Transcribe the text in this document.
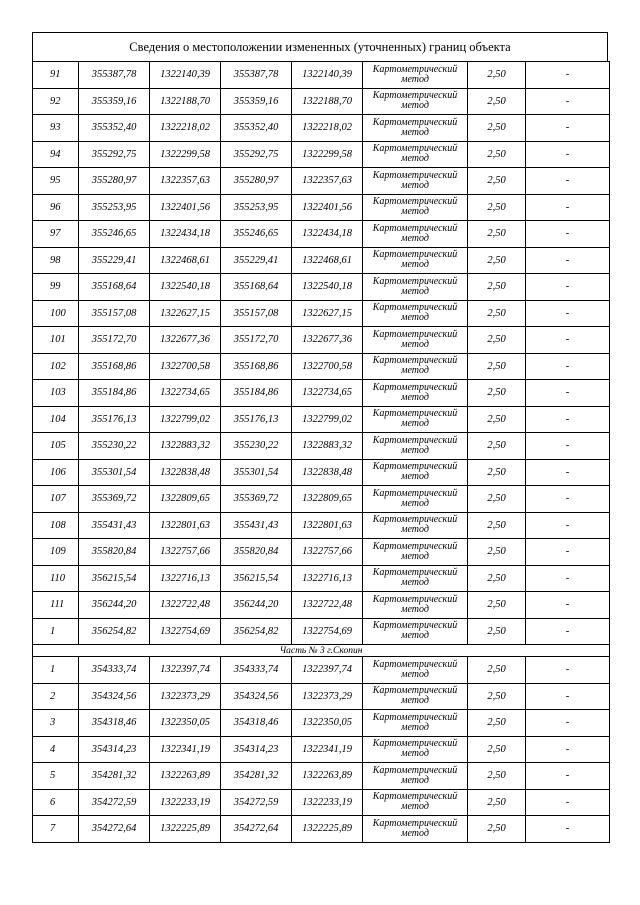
Сведения о местоположении измененных (уточненных) границ объекта
91	355387,78	1322140,39	355387,78	1322140,39	Картометрический
метод	2,50	-
92	355359,16	1322188,70	355359,16	1322188,70	Картометрический
метод	2,50	-
93	355352,40	1322218,02	355352,40	1322218,02	Картометрический
метод	2,50	-
94	355292,75	1322299,58	355292,75	1322299,58	Картометрический
метод	2,50	-
95	355280,97	1322357,63	355280,97	1322357,63	Картометрический
метод	2,50	-
96	355253,95	1322401,56	355253,95	1322401,56	Картометрический
метод	2,50	-
97	355246,65	1322434,18	355246,65	1322434,18	Картометрический
метод	2,50	-
98	355229,41	1322468,61	355229,41	1322468,61	Картометрический
метод	2,50	-
99	355168,64	1322540,18	355168,64	1322540,18	Картометрический
метод	2,50	-
100	355157,08	1322627,15	355157,08	1322627,15	Картометрический
метод	2,50	-
101	355172,70	1322677,36	355172,70	1322677,36	Картометрический
метод	2,50	-
102	355168,86	1322700,58	355168,86	1322700,58	Картометрический
метод	2,50	-
103	355184,86	1322734,65	355184,86	1322734,65	Картометрический
метод	2,50	-
104	355176,13	1322799,02	355176,13	1322799,02	Картометрический
метод	2,50	-
105	355230,22	1322883,32	355230,22	1322883,32	Картометрический
метод	2,50	-
106	355301,54	1322838,48	355301,54	1322838,48	Картометрический
метод	2,50	-
107	355369,72	1322809,65	355369,72	1322809,65	Картометрический
метод	2,50	-
108	355431,43	1322801,63	355431,43	1322801,63	Картометрический
метод	2,50	-
109	355820,84	1322757,66	355820,84	1322757,66	Картометрический
метод	2,50	-
110	356215,54	1322716,13	356215,54	1322716,13	Картометрический
метод	2,50	-
111	356244,20	1322722,48	356244,20	1322722,48	Картометрический
метод	2,50	-
1	356254,82	1322754,69	356254,82	1322754,69	Картометрический
метод	2,50	-
Часть № 3 г.Скопин							
1	354333,74	1322397,74	354333,74	1322397,74	Картометрический
метод	2,50	-
2	354324,56	1322373,29	354324,56	1322373,29	Картометрический
метод	2,50	-
3	354318,46	1322350,05	354318,46	1322350,05	Картометрический
метод	2,50	-
4	354314,23	1322341,19	354314,23	1322341,19	Картометрический
метод	2,50	-
5	354281,32	1322263,89	354281,32	1322263,89	Картометрический
метод	2,50	-
6	354272,59	1322233,19	354272,59	1322233,19	Картометрический
метод	2,50	-
7	354272,64	1322225,89	354272,64	1322225,89	Картометрический
метод	2,50	-
